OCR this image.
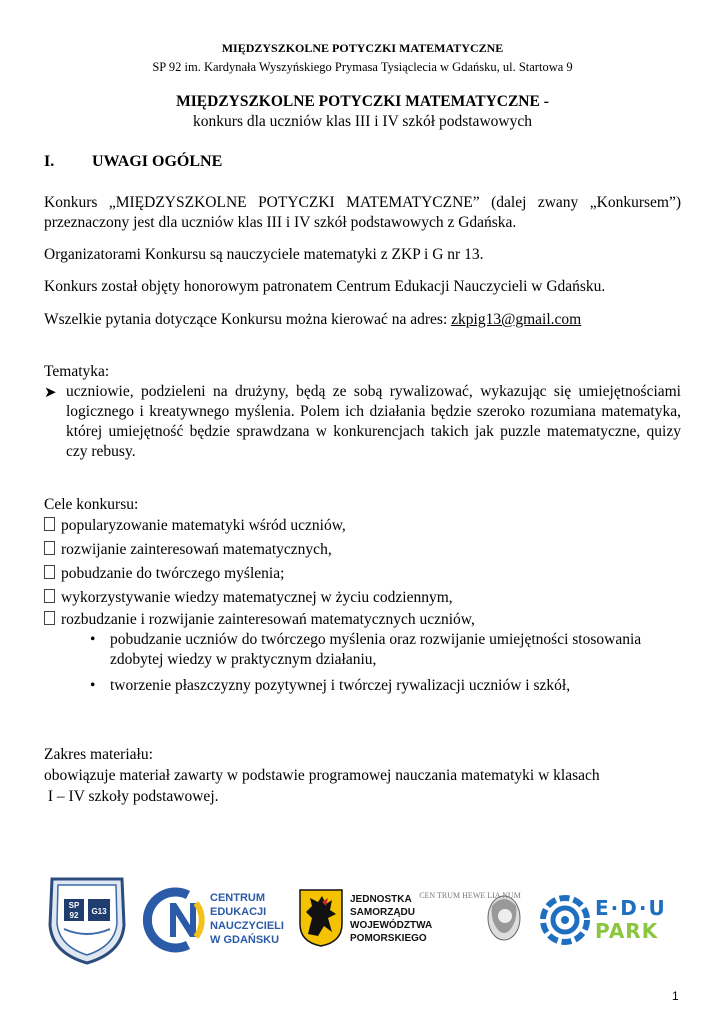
MIĘDZYSZKOLNE POTYCZKI MATEMATYCZNE
SP 92 im. Kardynała Wyszyńskiego Prymasa Tysiąclecia w Gdańsku, ul. Startowa 9
MIĘDZYSZKOLNE POTYCZKI MATEMATYCZNE -
konkurs dla uczniów klas III i IV szkół podstawowych
I. UWAGI OGÓLNE
Konkurs „MIĘDZYSZKOLNE POTYCZKI MATEMATYCZNE” (dalej zwany „Konkursem”) przeznaczony jest dla uczniów klas III i IV szkół podstawowych z Gdańska.
Organizatorami Konkursu są nauczyciele matematyki z ZKP i G nr 13.
Konkurs został objęty honorowym patronatem Centrum Edukacji Nauczycieli w Gdańsku.
Wszelkie pytania dotyczące Konkursu można kierować na adres: zkpig13@gmail.com
Tematyka:
➤ uczniowie, podzieleni na drużyny, będą ze sobą rywalizować, wykazując się umiejętnościami logicznego i kreatywnego myślenia. Polem ich działania będzie szeroko rozumiana matematyka, której umiejętność będzie sprawdzana w konkurencjach takich jak puzzle matematyczne, quizy czy rebusy.
Cele konkursu:
popularyzowanie matematyki wśród uczniów,
rozwijanie zainteresowań matematycznych,
pobudzanie do twórczego myślenia;
wykorzystywanie wiedzy matematycznej w życiu codziennym,
rozbudzanie i rozwijanie zainteresowań matematycznych uczniów,
• pobudzanie uczniów do twórczego myślenia oraz rozwijanie umiejętności stosowania zdobytej wiedzy w praktycznym działaniu,
• tworzenie płaszczyzny pozytywnej i twórczej rywalizacji uczniów i szkół,
Zakres materiału:
obowiązuje materiał zawarty w podstawie programowej nauczania matematyki w klasach
I – IV szkoły podstawowej.
SP
92 G13
CENTRUM
EDUKACJI
NAUCZYCIELI
W GDAŃSKU
JEDNOSTKA
SAMORZĄDU
WOJEWÓDZTWA
POMORSKIEGO
CEN TRUM HEWE LIA NUM
E·D·U
PARK
1
